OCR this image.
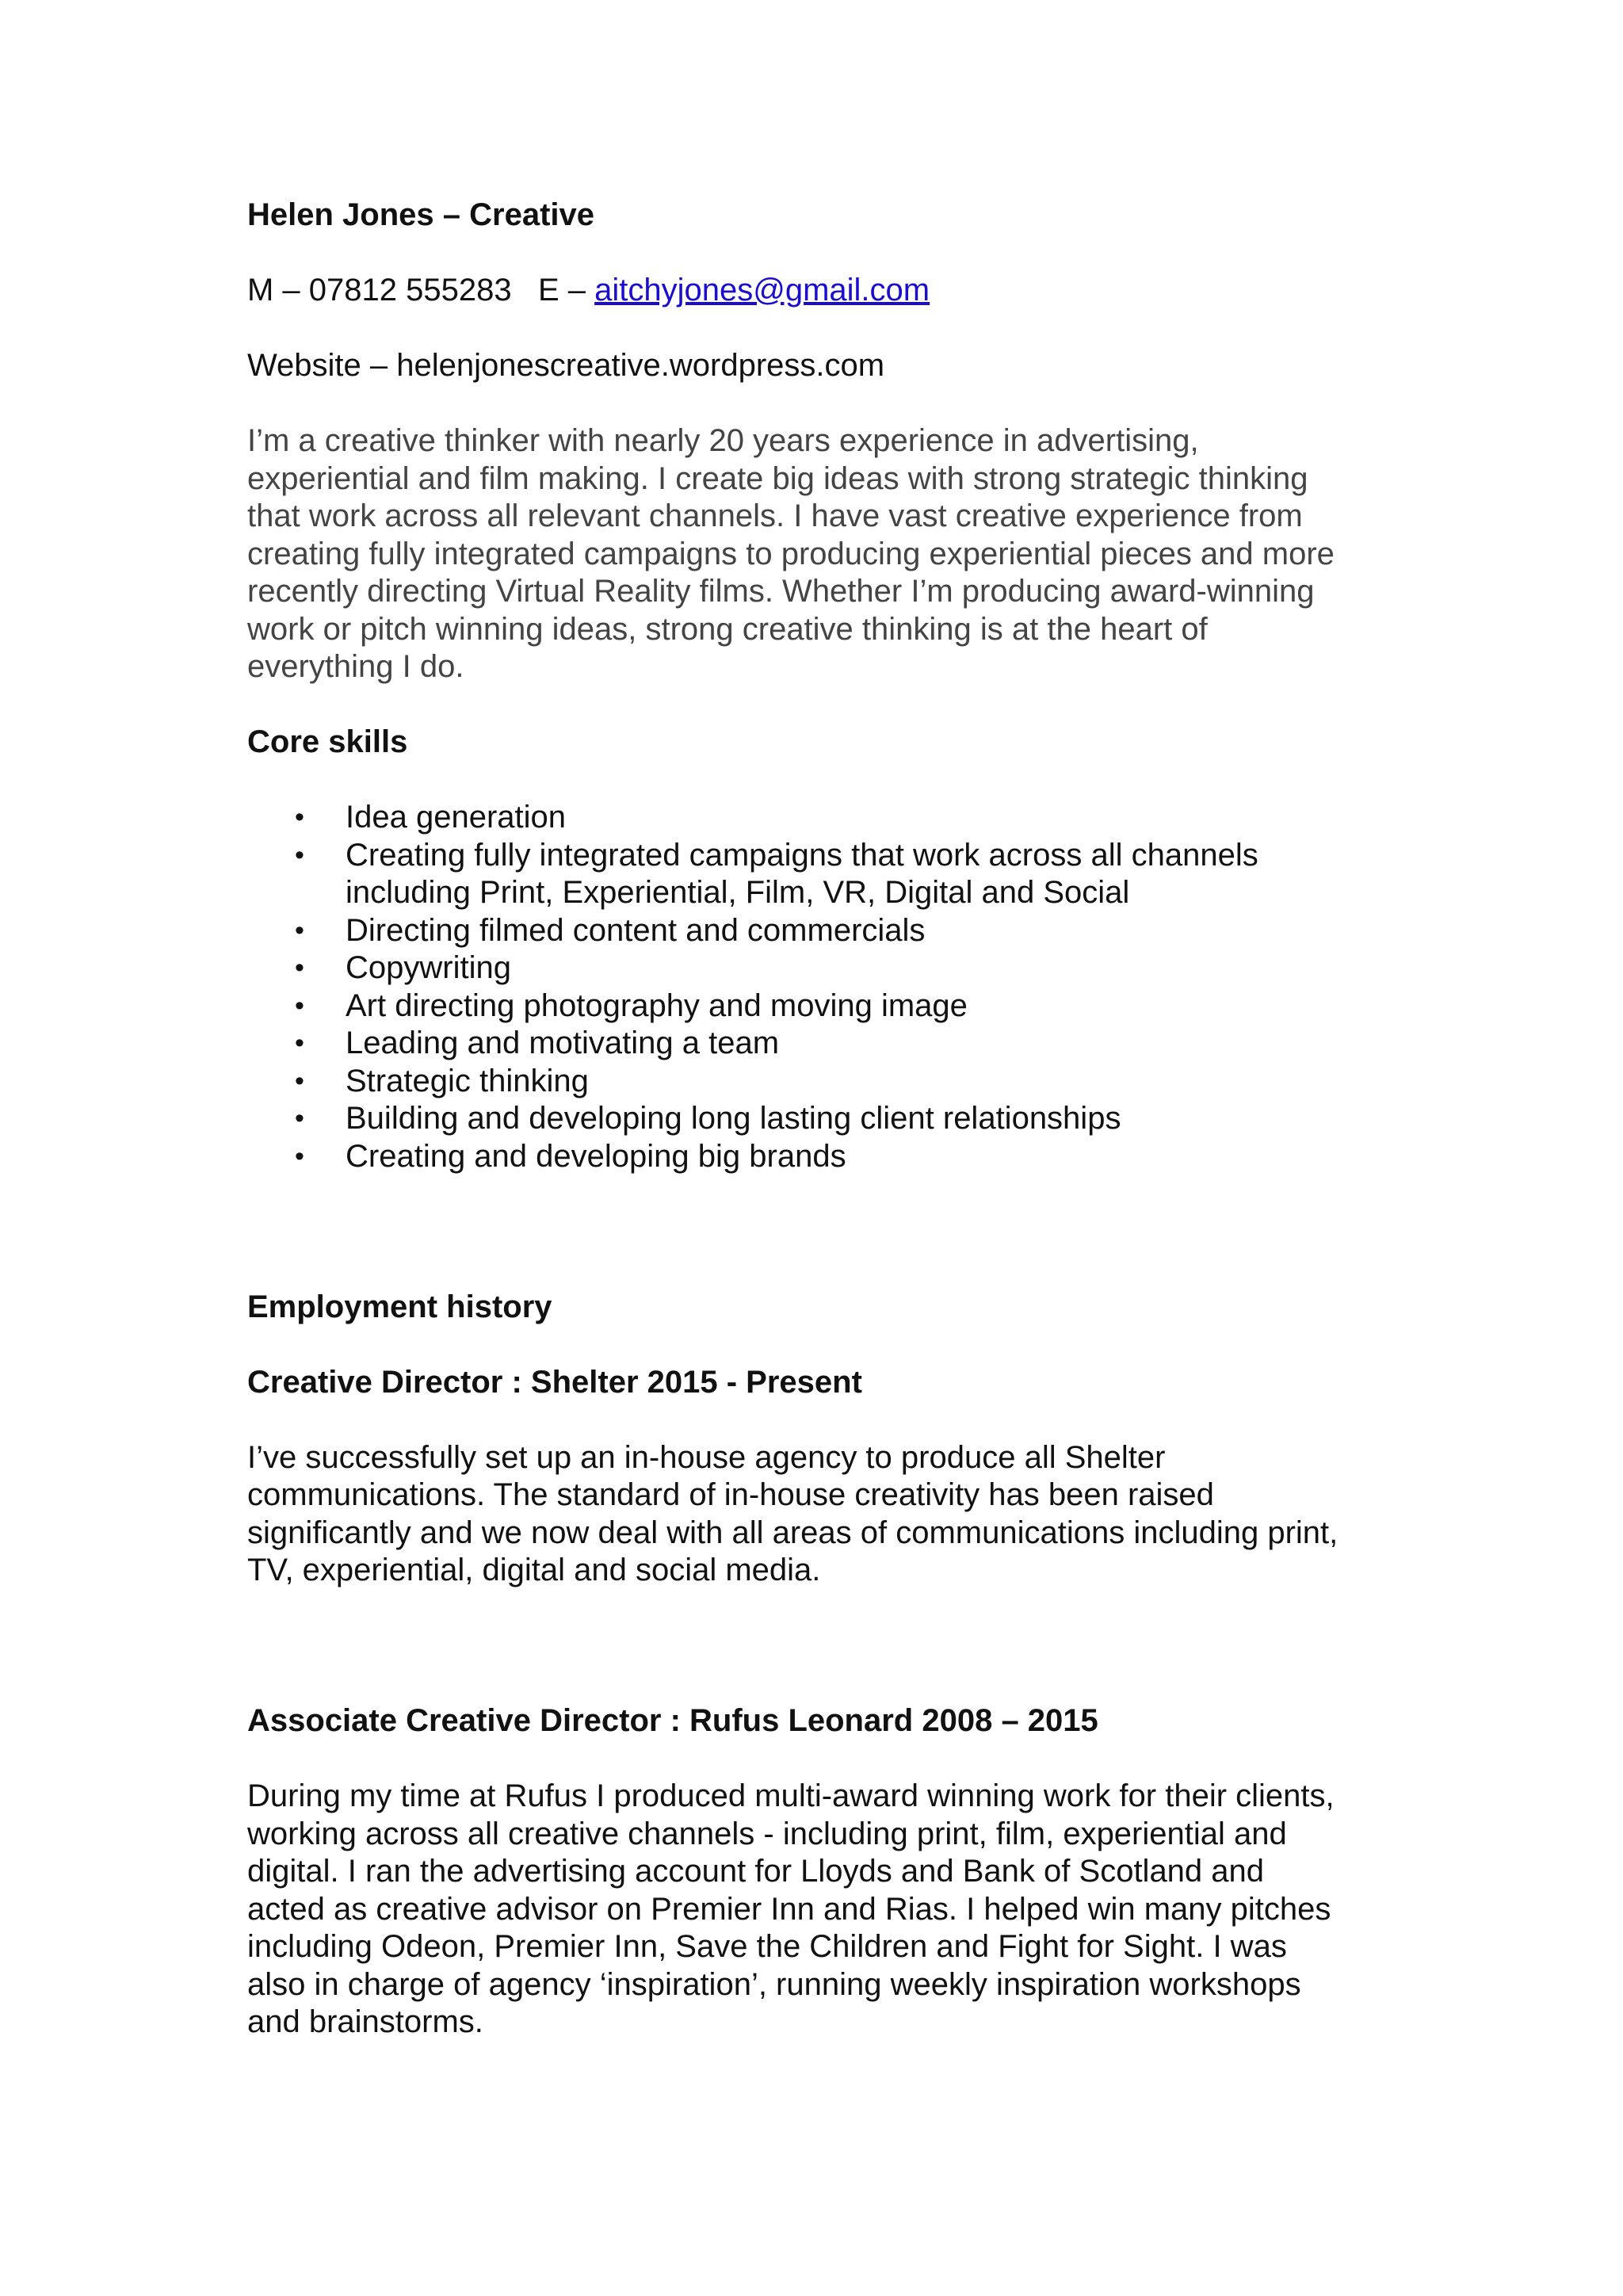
Helen Jones – Creative

M – 07812 555283 E – aitchyjones@gmail.com

Website – helenjonescreative.wordpress.com

I’m a creative thinker with nearly 20 years experience in advertising,
experiential and film making. I create big ideas with strong strategic thinking
that work across all relevant channels. I have vast creative experience from
creating fully integrated campaigns to producing experiential pieces and more
recently directing Virtual Reality films. Whether I’m producing award-winning
work or pitch winning ideas, strong creative thinking is at the heart of
everything I do.

Core skills

• Idea generation
• Creating fully integrated campaigns that work across all channels
including Print, Experiential, Film, VR, Digital and Social
• Directing filmed content and commercials
• Copywriting
• Art directing photography and moving image
• Leading and motivating a team
• Strategic thinking
• Building and developing long lasting client relationships
• Creating and developing big brands

Employment history

Creative Director : Shelter 2015 - Present

I’ve successfully set up an in-house agency to produce all Shelter
communications. The standard of in-house creativity has been raised
significantly and we now deal with all areas of communications including print,
TV, experiential, digital and social media.

Associate Creative Director : Rufus Leonard 2008 – 2015

During my time at Rufus I produced multi-award winning work for their clients,
working across all creative channels - including print, film, experiential and
digital. I ran the advertising account for Lloyds and Bank of Scotland and
acted as creative advisor on Premier Inn and Rias. I helped win many pitches
including Odeon, Premier Inn, Save the Children and Fight for Sight. I was
also in charge of agency ‘inspiration’, running weekly inspiration workshops
and brainstorms.
